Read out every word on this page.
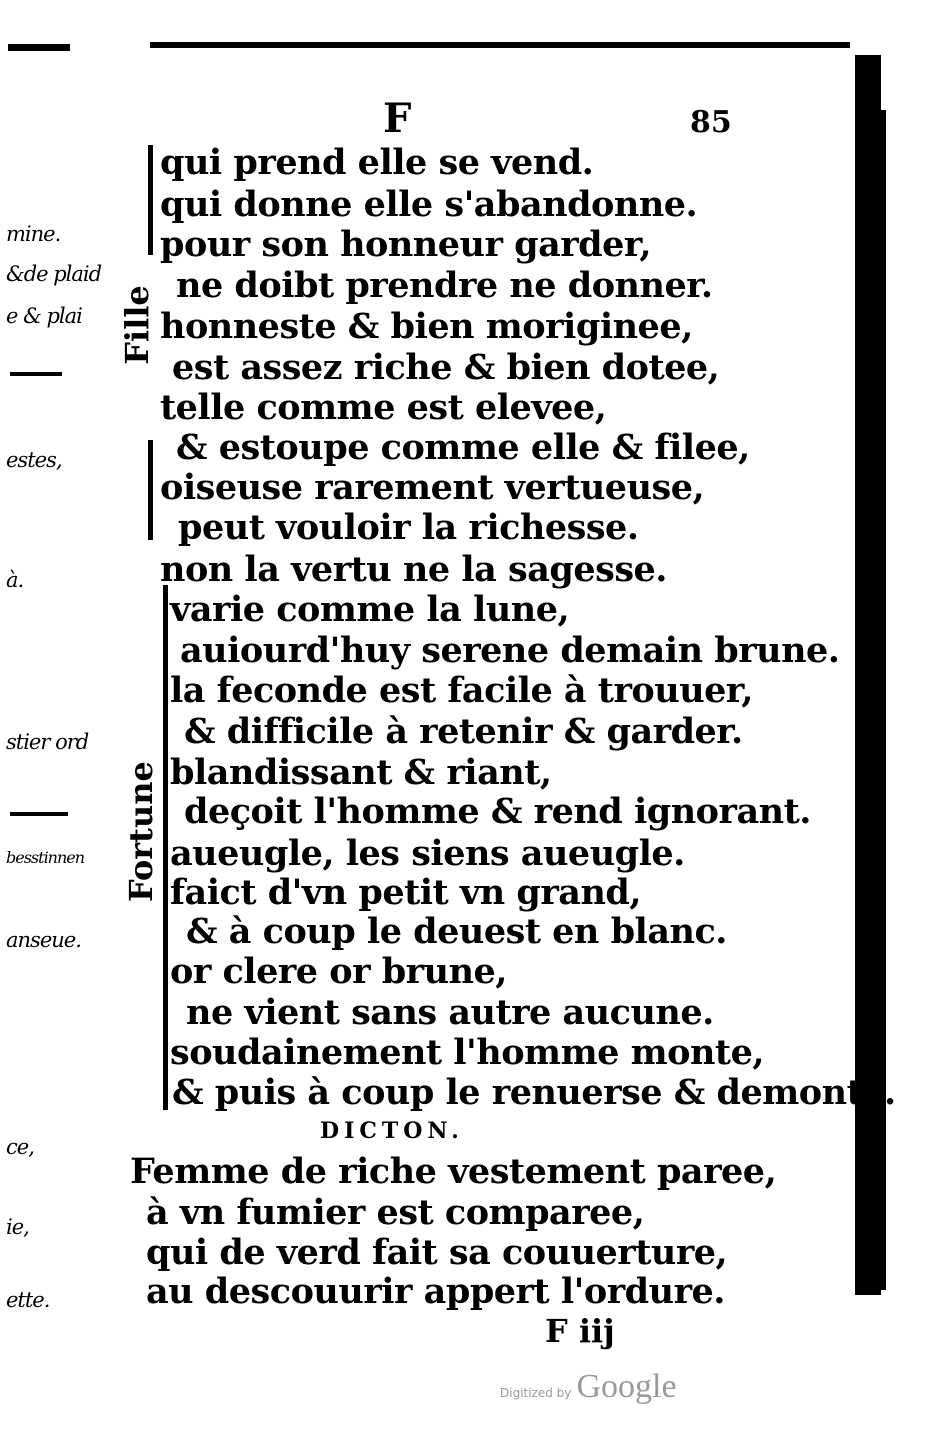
mine.
&de plaid
e & plai
estes,
à.
stier ord
besstinnen
anseue.
ce,
ie,
ette.
F	85
Fille
Fortune
qui prend elle se vend.
qui donne elle s'abandonne.
pour son honneur garder,
ne doibt prendre ne donner.
honneste & bien moriginee,
est assez riche & bien dotee,
telle comme est elevee,
& estoupe comme elle & filee,
oiseuse rarement vertueuse,
peut vouloir la richesse.
non la vertu ne la sagesse.
varie comme la lune,
auiourd'huy serene demain brune.
la feconde est facile à trouuer,
& difficile à retenir & garder.
blandissant & riant,
deçoit l'homme & rend ignorant.
aueugle, les siens aueugle.
faict d'vn petit vn grand,
& à coup le deuest en blanc.
or clere or brune,
ne vient sans autre aucune.
soudainement l'homme monte,
& puis à coup le renuerse & demonte.
DICTON.
Femme de riche vestement paree,
à vn fumier est comparee,
qui de verd fait sa couuerture,
au descouurir appert l'ordure.
F iij
Digitized by Google
